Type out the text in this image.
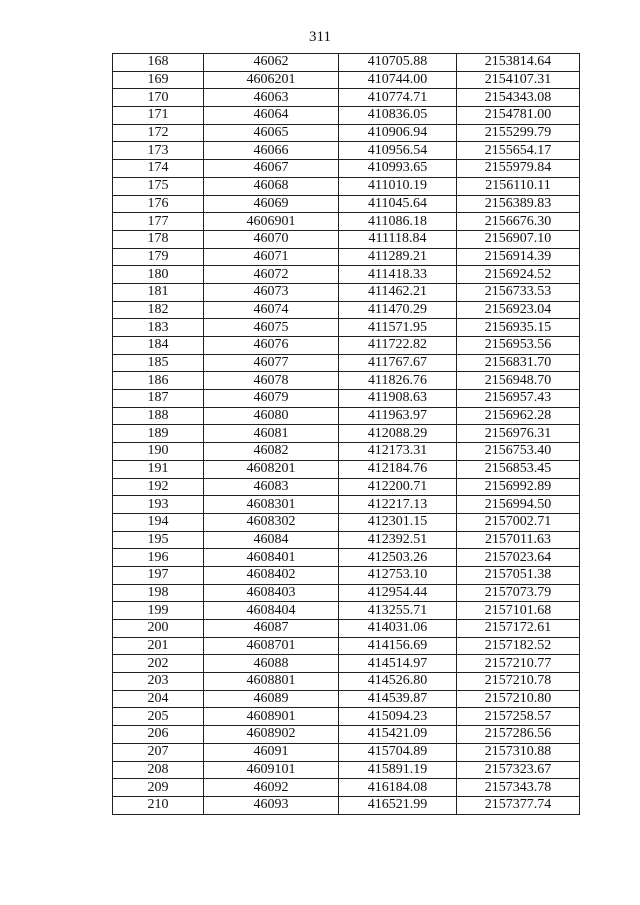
311
168	46062	410705.88	2153814.64
169	4606201	410744.00	2154107.31
170	46063	410774.71	2154343.08
171	46064	410836.05	2154781.00
172	46065	410906.94	2155299.79
173	46066	410956.54	2155654.17
174	46067	410993.65	2155979.84
175	46068	411010.19	2156110.11
176	46069	411045.64	2156389.83
177	4606901	411086.18	2156676.30
178	46070	411118.84	2156907.10
179	46071	411289.21	2156914.39
180	46072	411418.33	2156924.52
181	46073	411462.21	2156733.53
182	46074	411470.29	2156923.04
183	46075	411571.95	2156935.15
184	46076	411722.82	2156953.56
185	46077	411767.67	2156831.70
186	46078	411826.76	2156948.70
187	46079	411908.63	2156957.43
188	46080	411963.97	2156962.28
189	46081	412088.29	2156976.31
190	46082	412173.31	2156753.40
191	4608201	412184.76	2156853.45
192	46083	412200.71	2156992.89
193	4608301	412217.13	2156994.50
194	4608302	412301.15	2157002.71
195	46084	412392.51	2157011.63
196	4608401	412503.26	2157023.64
197	4608402	412753.10	2157051.38
198	4608403	412954.44	2157073.79
199	4608404	413255.71	2157101.68
200	46087	414031.06	2157172.61
201	4608701	414156.69	2157182.52
202	46088	414514.97	2157210.77
203	4608801	414526.80	2157210.78
204	46089	414539.87	2157210.80
205	4608901	415094.23	2157258.57
206	4608902	415421.09	2157286.56
207	46091	415704.89	2157310.88
208	4609101	415891.19	2157323.67
209	46092	416184.08	2157343.78
210	46093	416521.99	2157377.74
